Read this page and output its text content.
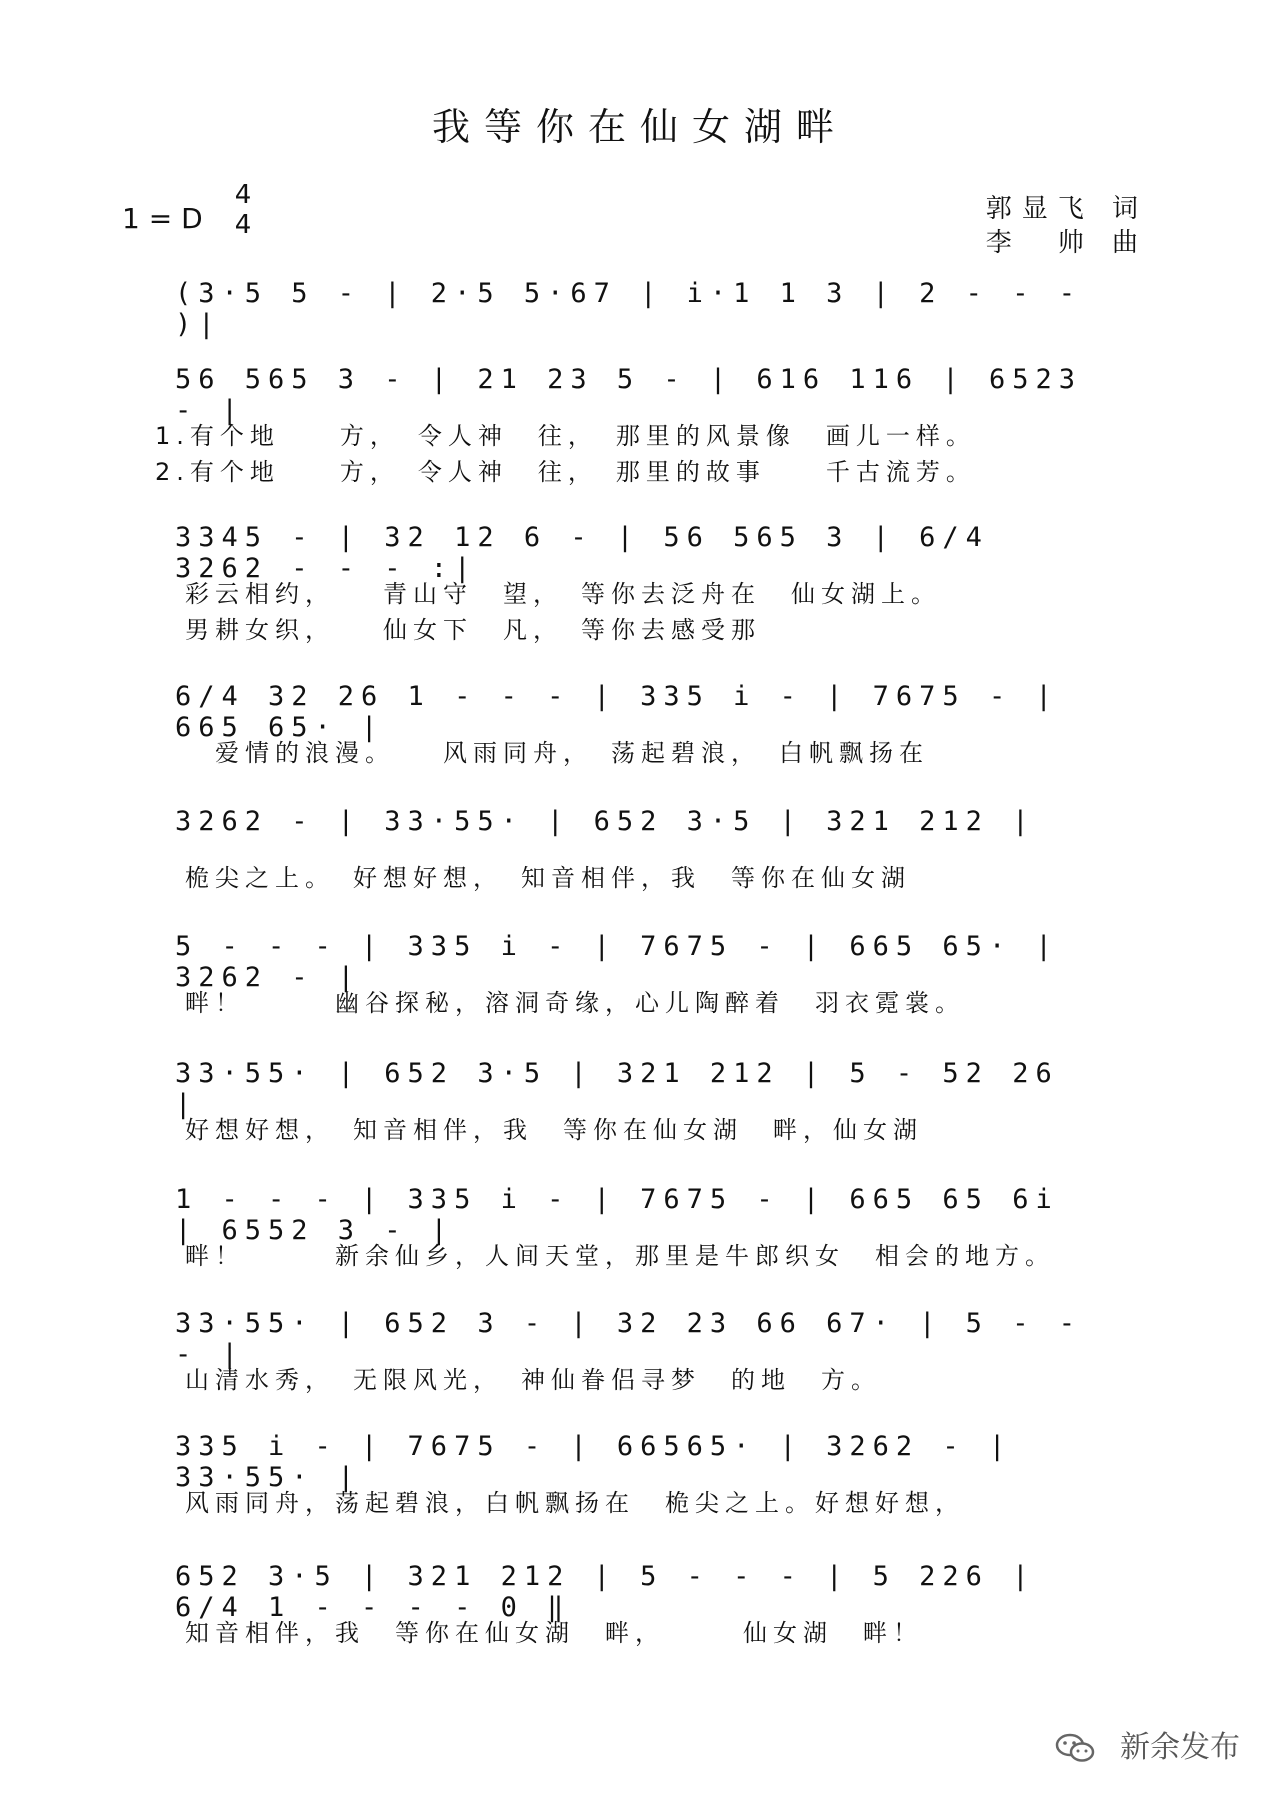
我等你在仙女湖畔
1 = D
4
4
郭显飞 词
李　帅 曲
(3·5 5 - | 2·5 5·67 | i·1 1 3 | 2 - - - )|
56 565 3 - | 21 23 5 - | 616 116 | 6523 - |
1.有个地　　方，　令人神　往，　那里的风景像　画儿一样。
2.有个地　　方，　令人神　往，　那里的故事　　千古流芳。
3345 - | 32 12 6 - | 56 565 3 | 6/4 3262 - - - :|
彩云相约，　　青山守　望，　等你去泛舟在　仙女湖上。
男耕女织，　　仙女下　凡，　等你去感受那
6/4 32 26 1 - - - | 335 i - | 7675 - | 665 65· |
　爱情的浪漫。　　风雨同舟，　荡起碧浪，　白帆飘扬在
3262 - | 33·55· | 652 3·5 | 321 212 |
桅尖之上。　好想好想，　知音相伴，我　等你在仙女湖
5 - - - | 335 i - | 7675 - | 665 65· | 3262 - |
畔！　　　幽谷探秘，溶洞奇缘，心儿陶醉着　羽衣霓裳。
33·55· | 652 3·5 | 321 212 | 5 - 52 26 |
好想好想，　知音相伴，我　等你在仙女湖　畔，仙女湖
1 - - - | 335 i - | 7675 - | 665 65 6i | 6552 3 - |
畔！　　　新余仙乡，人间天堂，那里是牛郎织女　相会的地方。
33·55· | 652 3 - | 32 23 66 67· | 5 - - - |
山清水秀，　无限风光，　神仙眷侣寻梦　的地　方。
335 i - | 7675 - | 66565· | 3262 - | 33·55· |
风雨同舟，荡起碧浪，白帆飘扬在　桅尖之上。好想好想，
652 3·5 | 321 212 | 5 - - - | 5 226 | 6/4 1 - - - - 0 ‖
知音相伴，我　等你在仙女湖　畔，　　　仙女湖　畔！
新余发布
